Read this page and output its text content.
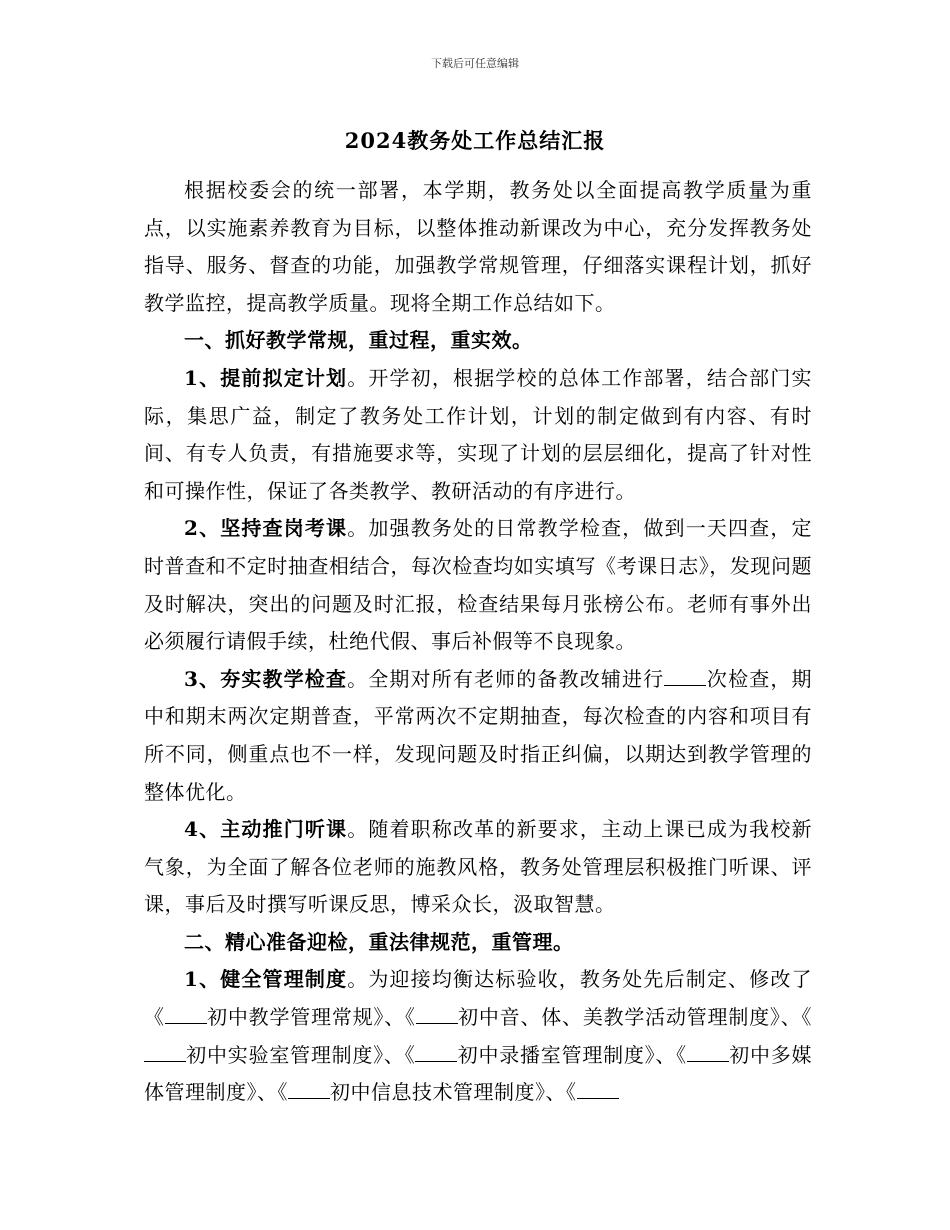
下载后可任意编辑
2024教务处工作总结汇报

根据校委会的统一部署，本学期，教务处以全面提高教学质量为重点，以实施素养教育为目标，以整体推动新课改为中心，充分发挥教务处指导、服务、督查的功能，加强教学常规管理，仔细落实课程计划，抓好教学监控，提高教学质量。现将全期工作总结如下。

一、抓好教学常规，重过程，重实效。

1、提前拟定计划。开学初，根据学校的总体工作部署，结合部门实际，集思广益，制定了教务处工作计划，计划的制定做到有内容、有时间、有专人负责，有措施要求等，实现了计划的层层细化，提高了针对性和可操作性，保证了各类教学、教研活动的有序进行。

2、坚持查岗考课。加强教务处的日常教学检查，做到一天四查，定时普查和不定时抽查相结合，每次检查均如实填写《考课日志》，发现问题及时解决，突出的问题及时汇报，检查结果每月张榜公布。老师有事外出必须履行请假手续，杜绝代假、事后补假等不良现象。

3、夯实教学检查。全期对所有老师的备教改辅进行 次检查，期中和期末两次定期普查，平常两次不定期抽查，每次检查的内容和项目有所不同，侧重点也不一样，发现问题及时指正纠偏，以期达到教学管理的整体优化。

4、主动推门听课。随着职称改革的新要求，主动上课已成为我校新气象，为全面了解各位老师的施教风格，教务处管理层积极推门听课、评课，事后及时撰写听课反思，博采众长，汲取智慧。

二、精心准备迎检，重法律规范，重管理。

1、健全管理制度。为迎接均衡达标验收，教务处先后制定、修改了《 初中教学管理常规》、《 初中音、体、美教学活动管理制度》、《初中实验室管理制度》、《 初中录播室管理制度》、《 初中多媒体管理制度》、《 初中信息技术管理制度》、《
